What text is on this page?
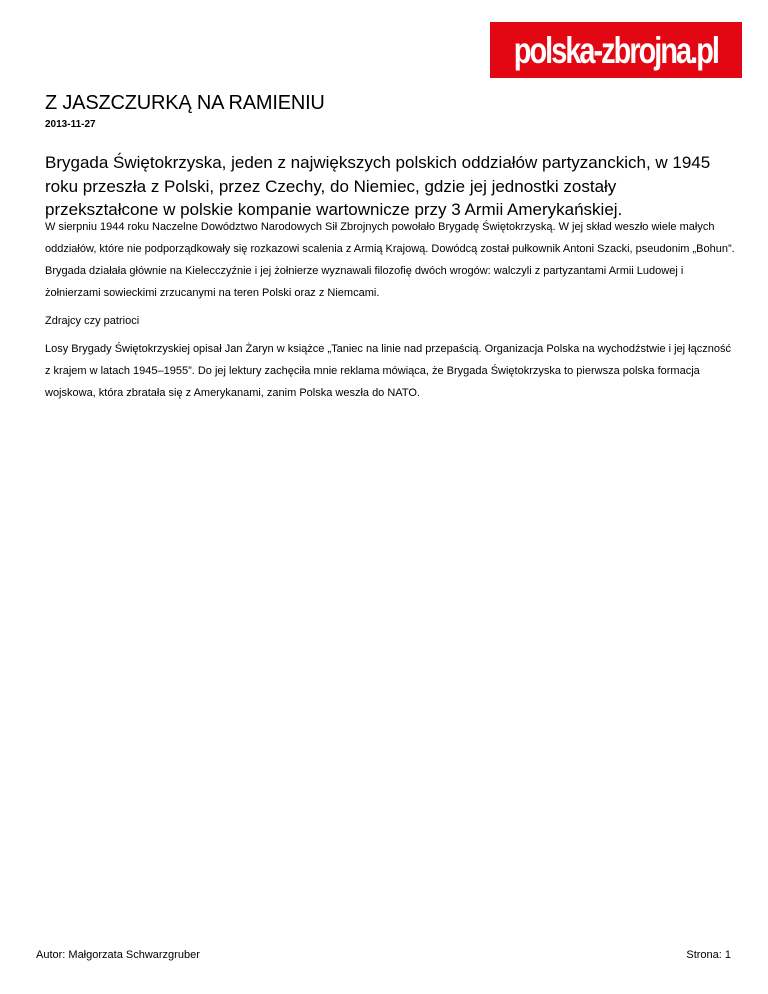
polska-zbrojna.pl
Z JASZCZURKĄ NA RAMIENIU
2013-11-27

Brygada Świętokrzyska, jeden z największych polskich oddziałów partyzanckich, w 1945 roku przeszła z Polski, przez Czechy, do Niemiec, gdzie jej jednostki zostały przekształcone w polskie kompanie wartownicze przy 3 Armii Amerykańskiej.

W sierpniu 1944 roku Naczelne Dowództwo Narodowych Sił Zbrojnych powołało Brygadę Świętokrzyską. W jej skład weszło wiele małych oddziałów, które nie podporządkowały się rozkazowi scalenia z Armią Krajową. Dowódcą został pułkownik Antoni Szacki, pseudonim „Bohun”. Brygada działała głównie na Kielecczyźnie i jej żołnierze wyznawali filozofię dwóch wrogów: walczyli z partyzantami Armii Ludowej i żołnierzami sowieckimi zrzucanymi na teren Polski oraz z Niemcami.

Zdrajcy czy patrioci

Losy Brygady Świętokrzyskiej opisał Jan Żaryn w książce „Taniec na linie nad przepaścią. Organizacja Polska na wychodźstwie i jej łączność z krajem w latach 1945–1955”. Do jej lektury zachęciła mnie reklama mówiąca, że Brygada Świętokrzyska to pierwsza polska formacja wojskowa, która zbratała się z Amerykanami, zanim Polska weszła do NATO.

Autor: Małgorzata Schwarzgruber	Strona: 1
